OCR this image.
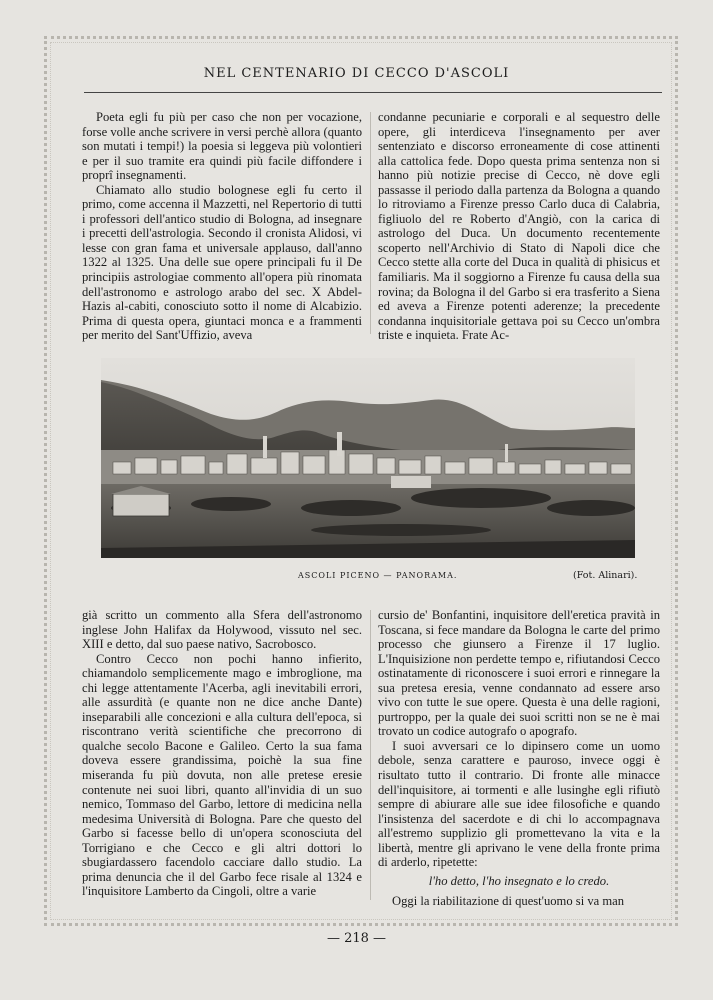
NEL CENTENARIO DI CECCO D'ASCOLI

Poeta egli fu più per caso che non per vocazione, forse volle anche scrivere in versi perchè allora (quanto son mutati i tempi!) la poesia si leggeva più volontieri e per il suo tramite era quindi più facile diffondere i proprî insegnamenti.

Chiamato allo studio bolognese egli fu certo il primo, come accenna il Mazzetti, nel Repertorio di tutti i professori dell'antico studio di Bologna, ad insegnare i precetti dell'astrologia. Secondo il cronista Alidosi, vi lesse con gran fama et universale applauso, dall'anno 1322 al 1325. Una delle sue opere principali fu il De principiis astrologiae commento all'opera più rinomata dell'astronomo e astrologo arabo del sec. X Abdel-Hazis al-cabiti, conosciuto sotto il nome di Alcabizio. Prima di questa opera, giuntaci monca e a frammenti per merito del Sant'Uffizio, aveva

condanne pecuniarie e corporali e al sequestro delle opere, gli interdiceva l'insegnamento per aver sentenziato e discorso erroneamente di cose attinenti alla cattolica fede. Dopo questa prima sentenza non si hanno più notizie precise di Cecco, nè dove egli passasse il periodo dalla partenza da Bologna a quando lo ritroviamo a Firenze presso Carlo duca di Calabria, figliuolo del re Roberto d'Angiò, con la carica di astrologo del Duca. Un documento recentemente scoperto nell'Archivio di Stato di Napoli dice che Cecco stette alla corte del Duca in qualità di phisicus et familiaris. Ma il soggiorno a Firenze fu causa della sua rovina; da Bologna il del Garbo si era trasferito a Siena ed aveva a Firenze potenti aderenze; la precedente condanna inquisitoriale gettava poi su Cecco un'ombra triste e inquieta. Frate Ac-

ASCOLI PICENO — PANORAMA.	(Fot. Alinari).

già scritto un commento alla Sfera dell'astronomo inglese John Halifax da Holywood, vissuto nel sec. XIII e detto, dal suo paese nativo, Sacrobosco.

Contro Cecco non pochi hanno infierito, chiamandolo semplicemente mago e imbroglione, ma chi legge attentamente l'Acerba, agli inevitabili errori, alle assurdità (e quante non ne dice anche Dante) inseparabili alle concezioni e alla cultura dell'epoca, si riscontrano verità scientifiche che precorrono di qualche secolo Bacone e Galileo. Certo la sua fama doveva essere grandissima, poichè la sua fine miseranda fu più dovuta, non alle pretese eresie contenute nei suoi libri, quanto all'invidia di un suo nemico, Tommaso del Garbo, lettore di medicina nella medesima Università di Bologna. Pare che questo del Garbo si facesse bello di un'opera sconosciuta del Torrigiano e che Cecco e gli altri dottori lo sbugiardassero facendolo cacciare dallo studio. La prima denuncia che il del Garbo fece risale al 1324 e l'inquisitore Lamberto da Cingoli, oltre a varie

cursio de' Bonfantini, inquisitore dell'eretica pravità in Toscana, si fece mandare da Bologna le carte del primo processo che giunsero a Firenze il 17 luglio. L'Inquisizione non perdette tempo e, rifiutandosi Cecco ostinatamente di riconoscere i suoi errori e rinnegare la sua pretesa eresia, venne condannato ad essere arso vivo con tutte le sue opere. Questa è una delle ragioni, purtroppo, per la quale dei suoi scritti non se ne è mai trovato un codice autografo o apografo.

I suoi avversari ce lo dipinsero come un uomo debole, senza carattere e pauroso, invece oggi è risultato tutto il contrario. Di fronte alle minacce dell'inquisitore, ai tormenti e alle lusinghe egli rifiutò sempre di abiurare alle sue idee filosofiche e quando l'insistenza del sacerdote e di chi lo accompagnava all'estremo supplizio gli promettevano la vita e la libertà, mentre gli aprivano le vene della fronte prima di arderlo, ripetette:

l'ho detto, l'ho insegnato e lo credo.

Oggi la riabilitazione di quest'uomo si va man

— 218 —
